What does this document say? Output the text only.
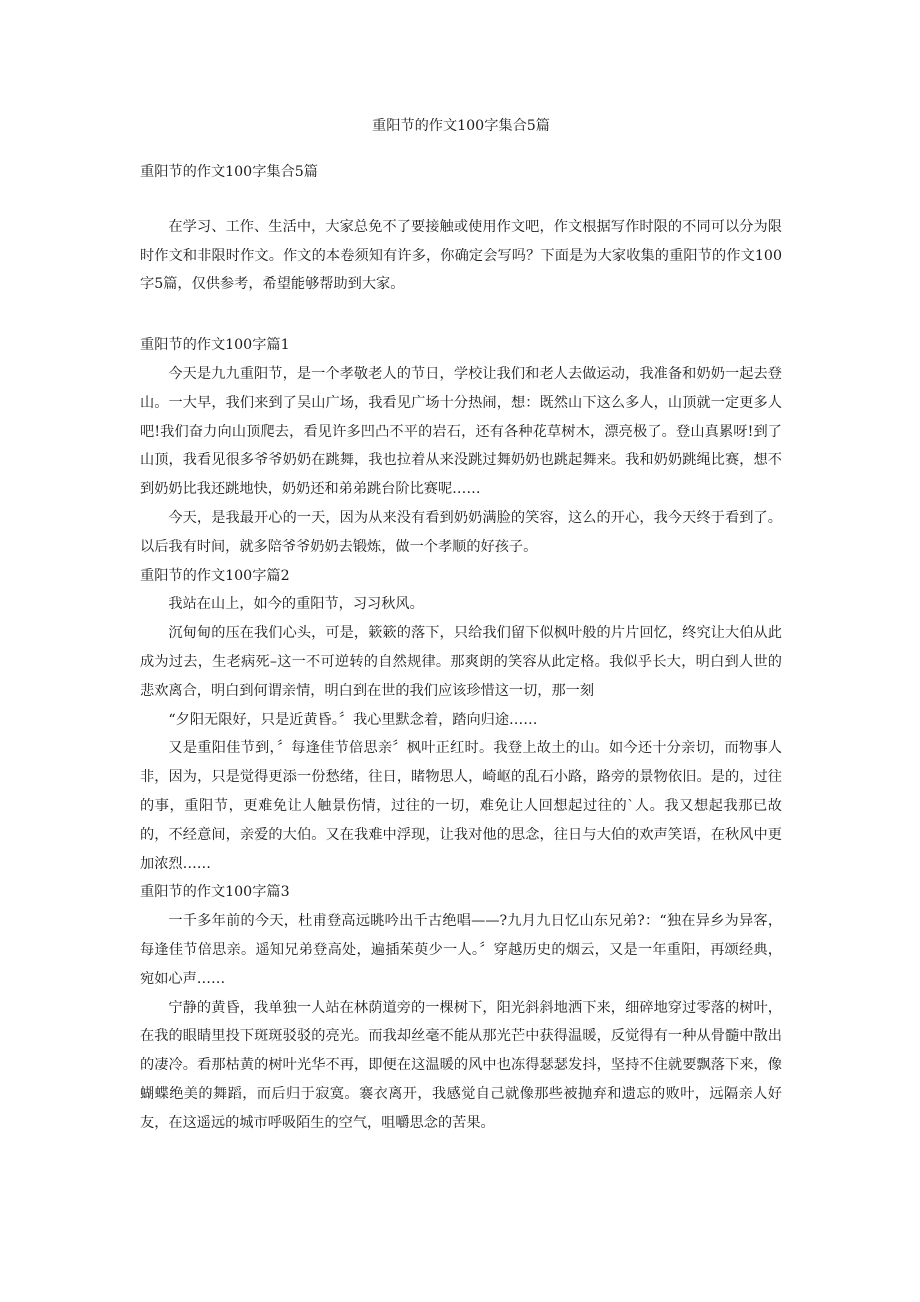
重阳节的作文100字集合5篇

重阳节的作文100字集合5篇

在学习、工作、生活中，大家总免不了要接触或使用作文吧，作文根据写作时限的不同可以分为限时作文和非限时作文。作文的本卷须知有许多，你确定会写吗？下面是为大家收集的重阳节的作文100字5篇，仅供参考，希望能够帮助到大家。

重阳节的作文100字篇1

今天是九九重阳节，是一个孝敬老人的节日，学校让我们和老人去做运动，我准备和奶奶一起去登山。一大早，我们来到了吴山广场，我看见广场十分热闹，想：既然山下这么多人，山顶就一定更多人吧!我们奋力向山顶爬去，看见许多凹凸不平的岩石，还有各种花草树木，漂亮极了。登山真累呀!到了山顶，我看见很多爷爷奶奶在跳舞，我也拉着从来没跳过舞奶奶也跳起舞来。我和奶奶跳绳比赛，想不到奶奶比我还跳地快，奶奶还和弟弟跳台阶比赛呢……

今天，是我最开心的一天，因为从来没有看到奶奶满脸的笑容，这么的开心，我今天终于看到了。以后我有时间，就多陪爷爷奶奶去锻炼，做一个孝顺的好孩子。

重阳节的作文100字篇2

我站在山上，如今的重阳节，习习秋风。

沉甸甸的压在我们心头，可是，簌簌的落下，只给我们留下似枫叶般的片片回忆，终究让大伯从此成为过去，生老病死–这一不可逆转的自然规律。那爽朗的笑容从此定格。我似乎长大，明白到人世的悲欢离合，明白到何谓亲情，明白到在世的我们应该珍惜这一切，那一刻

“夕阳无限好，只是近黄昏。〞我心里默念着，踏向归途……

又是重阳佳节到，〞每逢佳节倍思亲〞枫叶正红时。我登上故土的山。如今还十分亲切，而物事人非，因为，只是觉得更添一份愁绪，往日，睹物思人，崎岖的乱石小路，路旁的景物依旧。是的，过往的事，重阳节，更难免让人触景伤情，过往的一切，难免让人回想起过往的`人。我又想起我那已故的，不经意间，亲爱的大伯。又在我难中浮现，让我对他的思念，往日与大伯的欢声笑语，在秋风中更加浓烈……

重阳节的作文100字篇3

一千多年前的今天，杜甫登高远眺吟出千古绝唱——?九月九日忆山东兄弟?：“独在异乡为异客，每逢佳节倍思亲。遥知兄弟登高处，遍插茱萸少一人。〞穿越历史的烟云，又是一年重阳，再颂经典，宛如心声……

宁静的黄昏，我单独一人站在林荫道旁的一棵树下，阳光斜斜地洒下来，细碎地穿过零落的树叶，在我的眼睛里投下斑斑驳驳的亮光。而我却丝毫不能从那光芒中获得温暖，反觉得有一种从骨髓中散出的凄冷。看那枯黄的树叶光华不再，即便在这温暖的风中也冻得瑟瑟发抖，坚持不住就要飘落下来，像蝴蝶绝美的舞蹈，而后归于寂寞。褰衣离开，我感觉自己就像那些被抛弃和遗忘的败叶，远隔亲人好友，在这遥远的城市呼吸陌生的空气，咀嚼思念的苦果。
